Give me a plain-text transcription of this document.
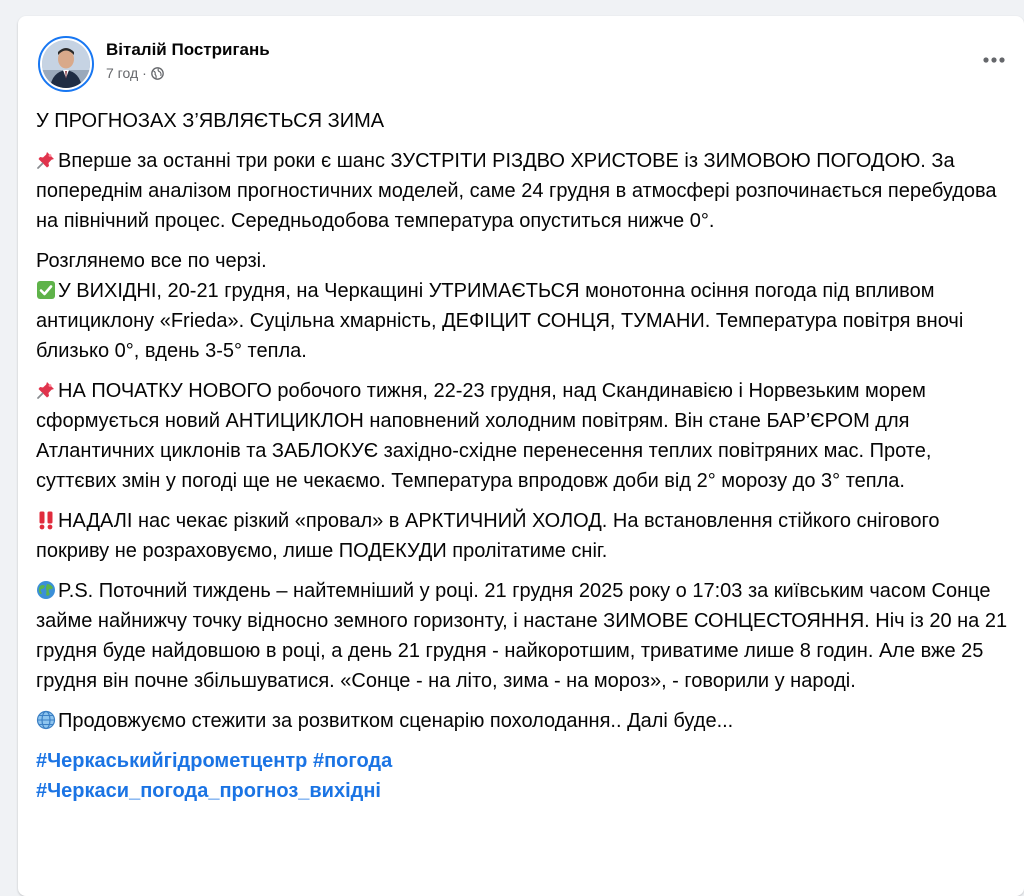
Віталій Постригань
7 год ·

У ПРОГНОЗАХ З’ЯВЛЯЄТЬСЯ ЗИМА

Вперше за останні три роки є шанс ЗУСТРІТИ РІЗДВО ХРИСТОВЕ із ЗИМОВОЮ ПОГОДОЮ. За попереднім аналізом прогностичних моделей, саме 24 грудня в атмосфері розпочинається перебудова на північний процес. Середньодобова температура опуститься нижче 0°.

Розглянемо все по черзі.
У ВИХІДНІ, 20-21 грудня, на Черкащині УТРИМАЄТЬСЯ монотонна осіння погода під впливом антициклону «Frieda». Суцільна хмарність, ДЕФІЦИТ СОНЦЯ, ТУМАНИ. Температура повітря вночі близько 0°, вдень 3-5° тепла.

НА ПОЧАТКУ НОВОГО робочого тижня, 22-23 грудня, над Скандинавією і Норвезьким морем сформується новий АНТИЦИКЛОН наповнений холодним повітрям. Він стане БАР’ЄРОМ для Атлантичних циклонів та ЗАБЛОКУЄ західно-східне перенесення теплих повітряних мас. Проте, суттєвих змін у погоді ще не чекаємо. Температура впродовж доби від 2° морозу до 3° тепла.

НАДАЛІ нас чекає різкий «провал» в АРКТИЧНИЙ ХОЛОД. На встановлення стійкого снігового покриву не розраховуємо, лише ПОДЕКУДИ пролітатиме сніг.

P.S. Поточний тиждень – найтемніший у році. 21 грудня 2025 року о 17:03 за київським часом Сонце займе найнижчу точку відносно земного горизонту, і настане ЗИМОВЕ СОНЦЕСТОЯННЯ. Ніч із 20 на 21 грудня буде найдовшою в році, а день 21 грудня - найкоротшим, триватиме лише 8 годин. Але вже 25 грудня він почне збільшуватися. «Сонце - на літо, зима - на мороз», - говорили у народі.

Продовжуємо стежити за розвитком сценарію похолодання.. Далі буде...

#Черкаськийгідрометцентр #погода
#Черкаси_погода_прогноз_вихідні
